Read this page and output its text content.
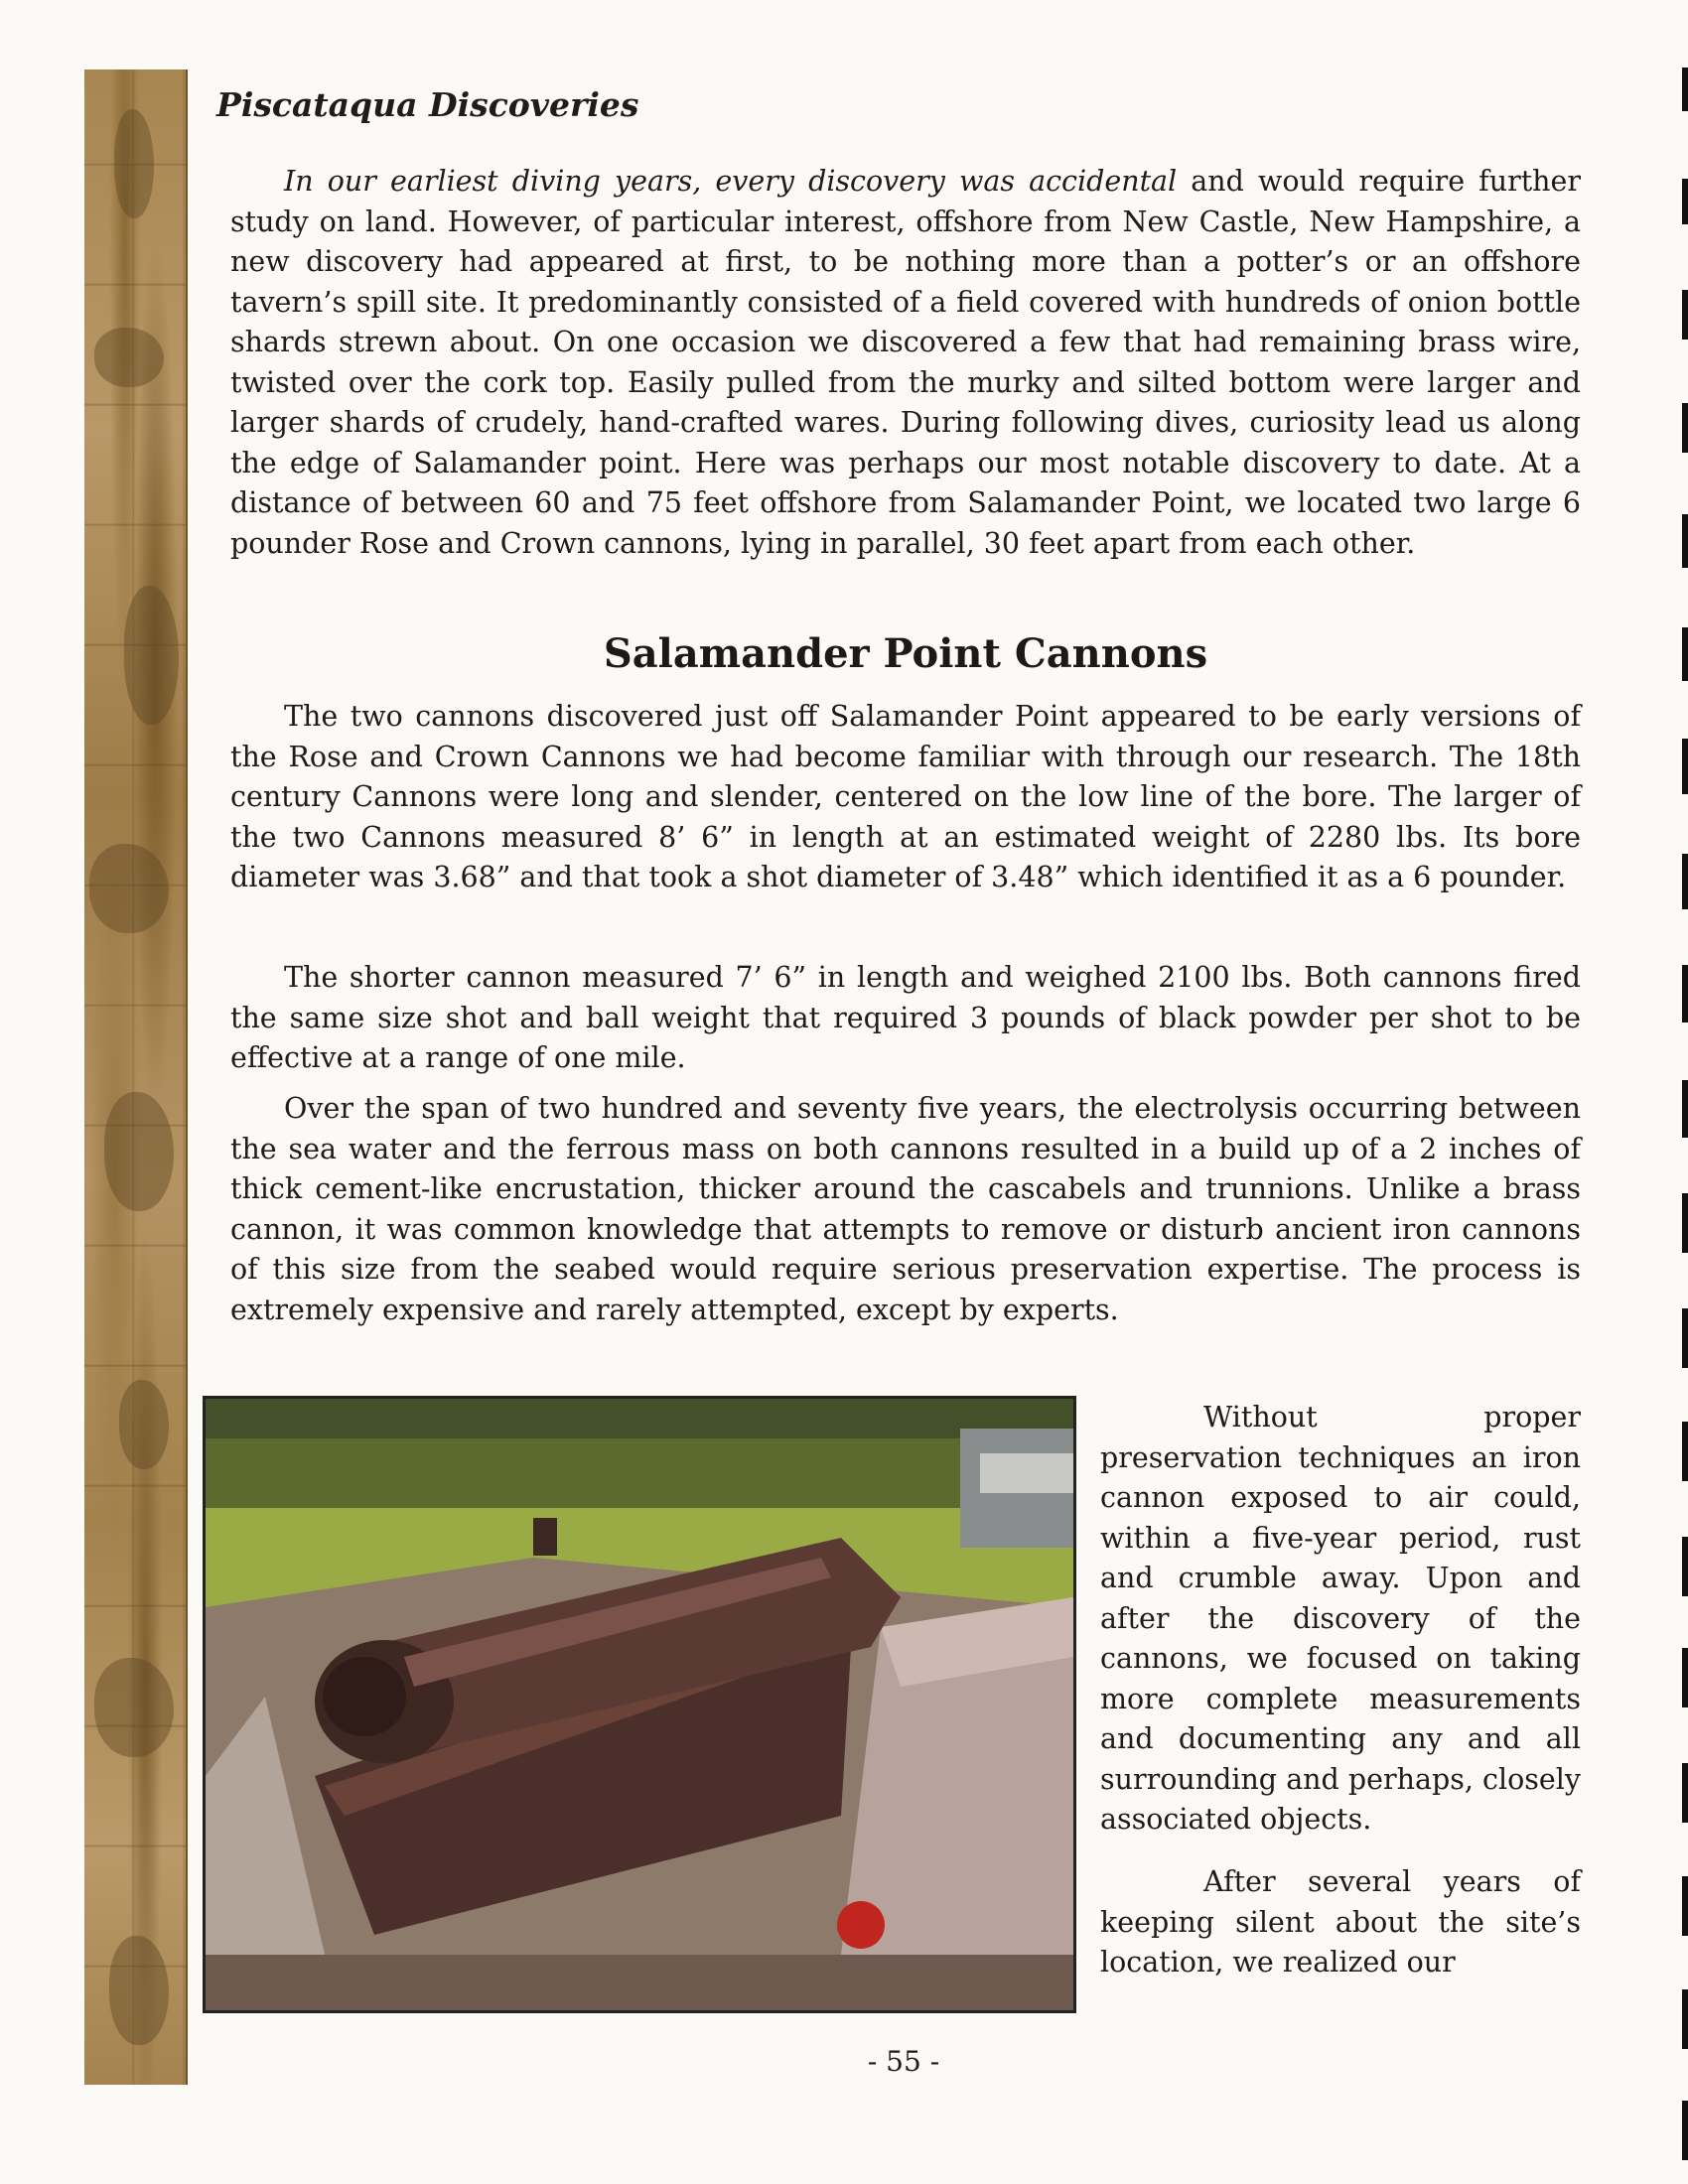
Piscataqua Discoveries

In our earliest diving years, every discovery was accidental and would require further study on land. However, of particular interest, offshore from New Castle, New Hampshire, a new discovery had appeared at first, to be nothing more than a potter’s or an offshore tavern’s spill site. It predominantly consisted of a field covered with hundreds of onion bottle shards strewn about. On one occasion we discovered a few that had remaining brass wire, twisted over the cork top. Easily pulled from the murky and silted bottom were larger and larger shards of crudely, hand-crafted wares. During following dives, curiosity lead us along the edge of Salamander point. Here was perhaps our most notable discovery to date. At a distance of between 60 and 75 feet offshore from Salamander Point, we located two large 6 pounder Rose and Crown cannons, lying in parallel, 30 feet apart from each other.

Salamander Point Cannons

The two cannons discovered just off Salamander Point appeared to be early versions of the Rose and Crown Cannons we had become familiar with through our research. The 18th century Cannons were long and slender, centered on the low line of the bore. The larger of the two Cannons measured 8’ 6” in length at an estimated weight of 2280 lbs. Its bore diameter was 3.68” and that took a shot diameter of 3.48” which identified it as a 6 pounder.

The shorter cannon measured 7’ 6” in length and weighed 2100 lbs. Both cannons fired the same size shot and ball weight that required 3 pounds of black powder per shot to be effective at a range of one mile.

Over the span of two hundred and seventy five years, the electrolysis occurring between the sea water and the ferrous mass on both cannons resulted in a build up of a 2 inches of thick cement-like encrustation, thicker around the cascabels and trunnions. Unlike a brass cannon, it was common knowledge that attempts to remove or disturb ancient iron cannons of this size from the seabed would require serious preservation expertise. The process is extremely expensive and rarely attempted, except by experts.

Without proper preservation techniques an iron cannon exposed to air could, within a five-year period, rust and crumble away. Upon and after the discovery of the cannons, we focused on taking more complete measurements and documenting any and all surrounding and perhaps, closely associated objects.

After several years of keeping silent about the site’s location, we realized our

- 55 -
